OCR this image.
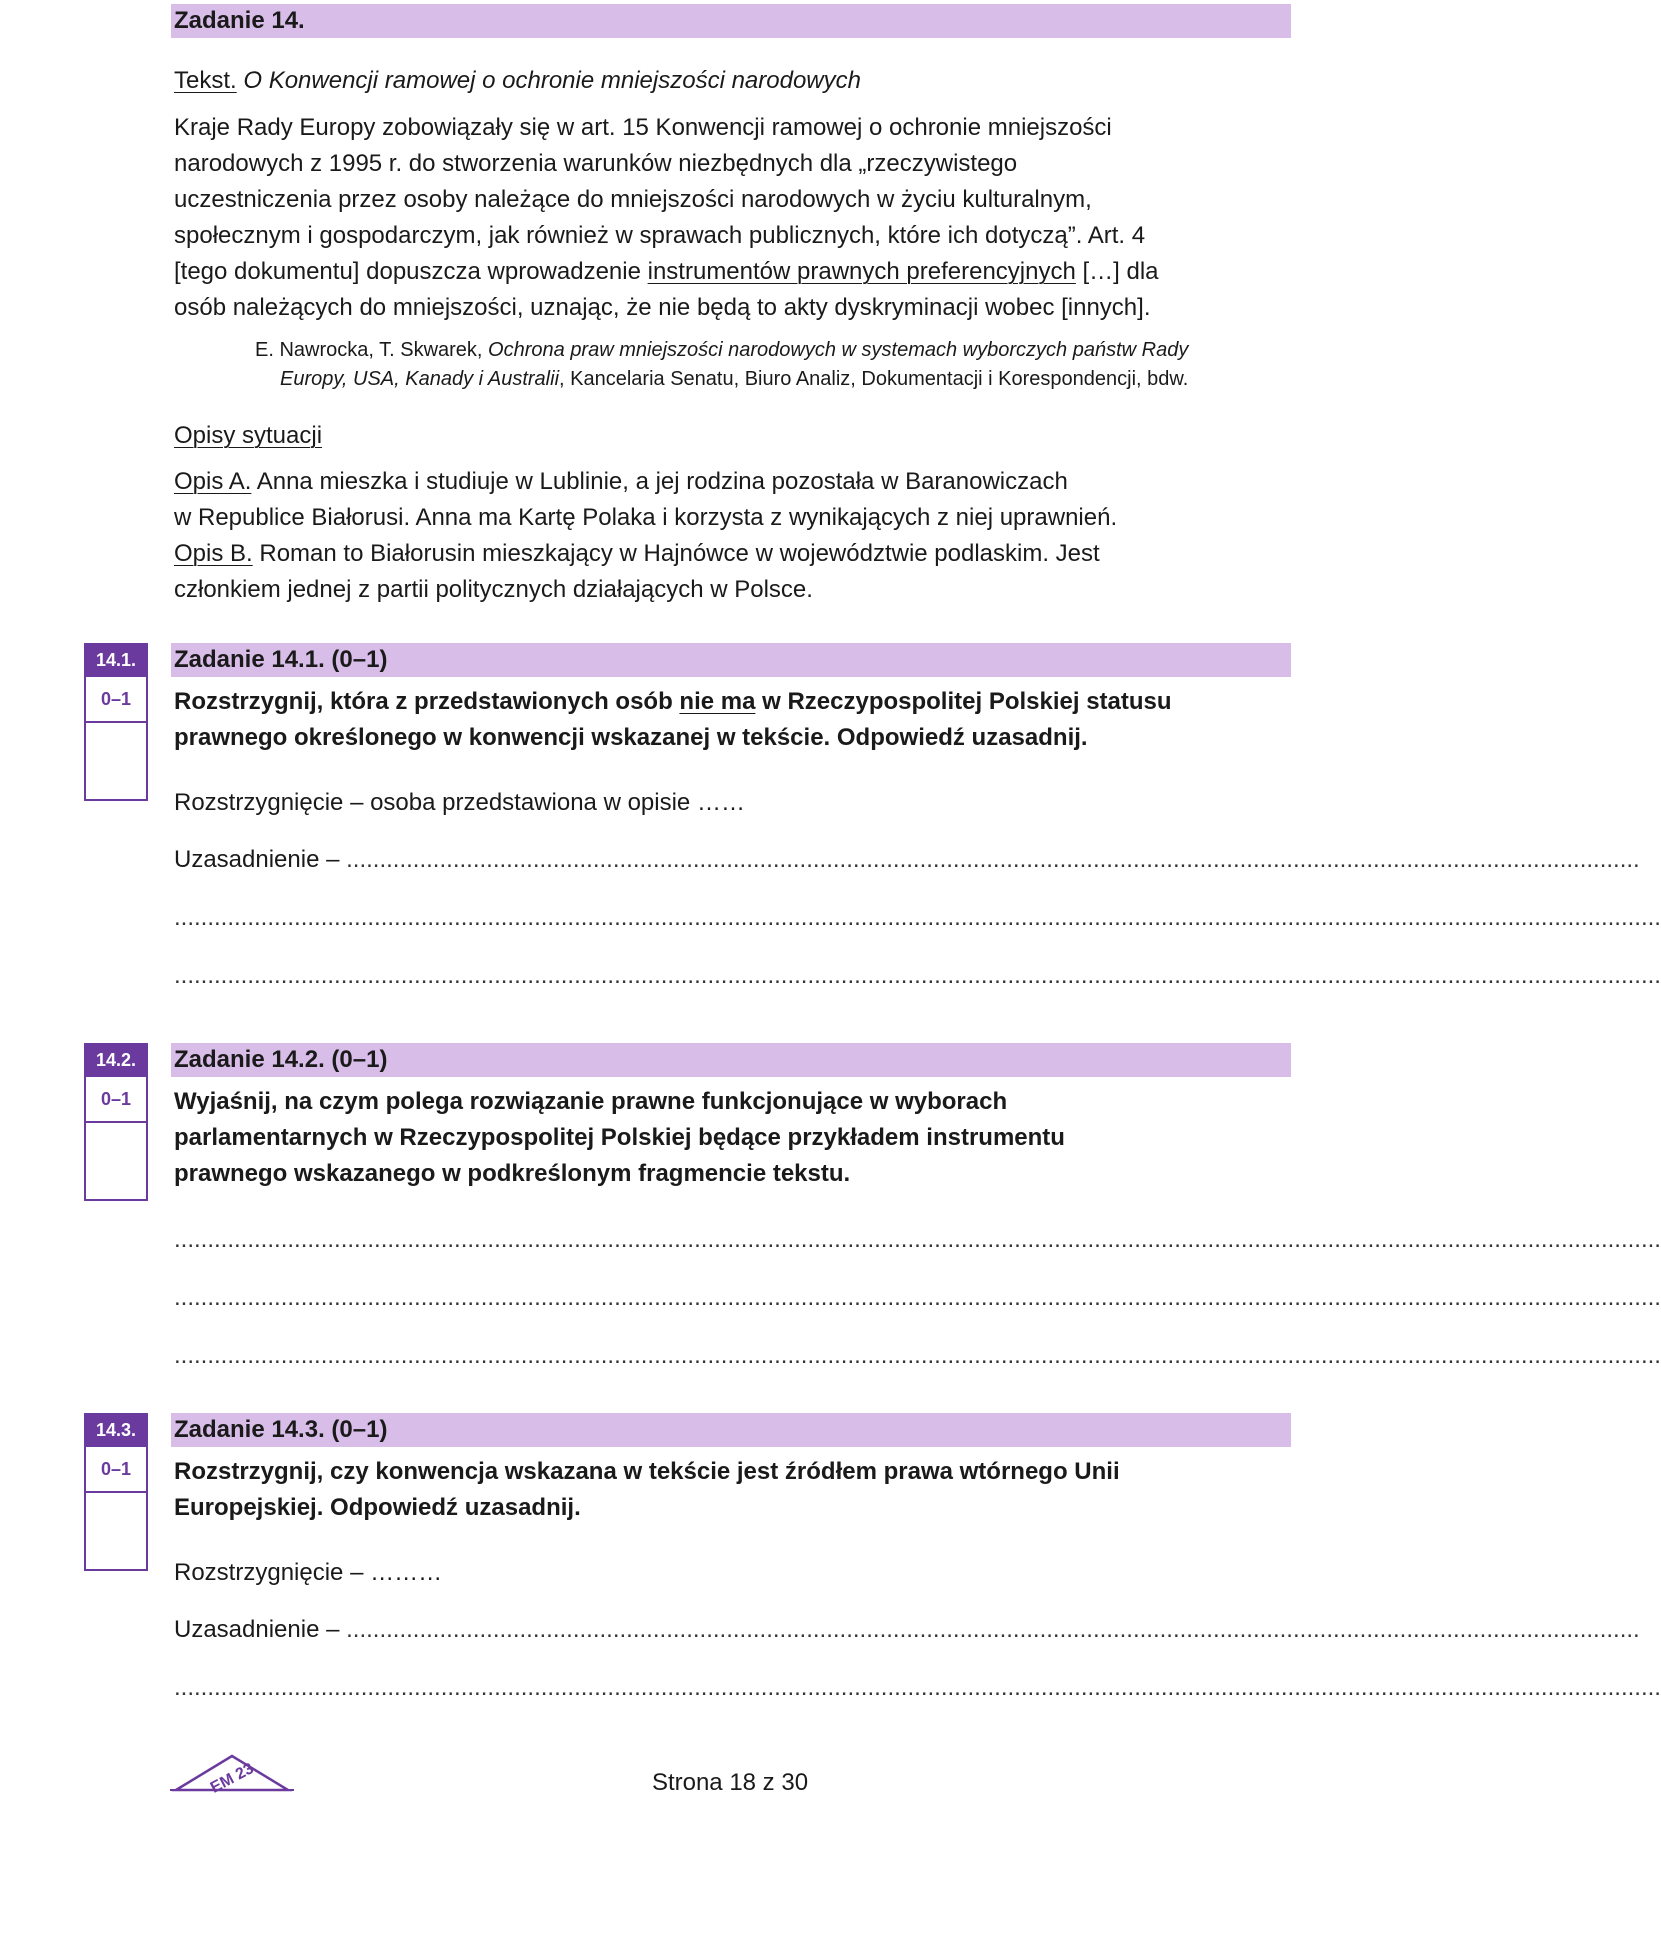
Zadanie 14.
Tekst. O Konwencji ramowej o ochronie mniejszości narodowych
Kraje Rady Europy zobowiązały się w art. 15 Konwencji ramowej o ochronie mniejszości
narodowych z 1995 r. do stworzenia warunków niezbędnych dla „rzeczywistego
uczestniczenia przez osoby należące do mniejszości narodowych w życiu kulturalnym,
społecznym i gospodarczym, jak również w sprawach publicznych, które ich dotyczą”. Art. 4
[tego dokumentu] dopuszcza wprowadzenie instrumentów prawnych preferencyjnych […] dla
osób należących do mniejszości, uznając, że nie będą to akty dyskryminacji wobec [innych].
E. Nawrocka, T. Skwarek, Ochrona praw mniejszości narodowych w systemach wyborczych państw Rady
Europy, USA, Kanady i Australii, Kancelaria Senatu, Biuro Analiz, Dokumentacji i Korespondencji, bdw.
Opisy sytuacji
Opis A. Anna mieszka i studiuje w Lublinie, a jej rodzina pozostała w Baranowiczach
w Republice Białorusi. Anna ma Kartę Polaka i korzysta z wynikających z niej uprawnień.
Opis B. Roman to Białorusin mieszkający w Hajnówce w województwie podlaskim. Jest
członkiem jednej z partii politycznych działających w Polsce.
14.1.
0–1
Zadanie 14.1. (0–1)
Rozstrzygnij, która z przedstawionych osób nie ma w Rzeczypospolitej Polskiej statusu
prawnego określonego w konwencji wskazanej w tekście. Odpowiedź uzasadnij.
Rozstrzygnięcie – osoba przedstawiona w opisie ……
Uzasadnienie – ..................................................................................................................................................................................................
...............................................................................................................................................................................................................................
...............................................................................................................................................................................................................................
14.2.
0–1
Zadanie 14.2. (0–1)
Wyjaśnij, na czym polega rozwiązanie prawne funkcjonujące w wyborach
parlamentarnych w Rzeczypospolitej Polskiej będące przykładem instrumentu
prawnego wskazanego w podkreślonym fragmencie tekstu.
...............................................................................................................................................................................................................................
...............................................................................................................................................................................................................................
...............................................................................................................................................................................................................................
14.3.
0–1
Zadanie 14.3. (0–1)
Rozstrzygnij, czy konwencja wskazana w tekście jest źródłem prawa wtórnego Unii
Europejskiej. Odpowiedź uzasadnij.
Rozstrzygnięcie – ………
Uzasadnienie – ..................................................................................................................................................................................................
...............................................................................................................................................................................................................................
EM 23	Strona 18 z 30
